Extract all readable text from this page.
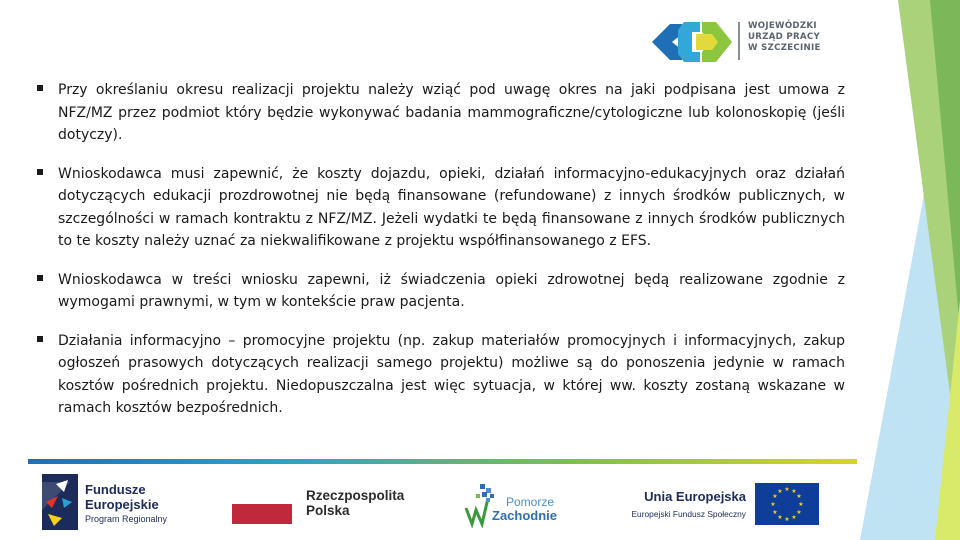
WOJEWÓDZKI
URZĄD PRACY
W SZCZECINIE

Przy określaniu okresu realizacji projektu należy wziąć pod uwagę okres na jaki podpisana jest umowa z NFZ/MZ przez podmiot który będzie wykonywać badania mammograficzne/cytologiczne lub kolonoskopię (jeśli dotyczy).

Wnioskodawca musi zapewnić, że koszty dojazdu, opieki, działań informacyjno-edukacyjnych oraz działań dotyczących edukacji prozdrowotnej nie będą finansowane (refundowane) z innych środków publicznych, w szczególności w ramach kontraktu z NFZ/MZ. Jeżeli wydatki te będą finansowane z innych środków publicznych to te koszty należy uznać za niekwalifikowane z projektu współfinansowanego z EFS.

Wnioskodawca w treści wniosku zapewni, iż świadczenia opieki zdrowotnej będą realizowane zgodnie z wymogami prawnymi, w tym w kontekście praw pacjenta.

Działania informacyjno – promocyjne projektu (np. zakup materiałów promocyjnych i informacyjnych, zakup ogłoszeń prasowych dotyczących realizacji samego projektu) możliwe są do ponoszenia jedynie w ramach kosztów pośrednich projektu. Niedopuszczalna jest więc sytuacja, w której ww. koszty zostaną wskazane w ramach kosztów bezpośrednich.

Fundusze
Europejskie
Program Regionalny
Rzeczpospolita
Polska
Pomorze
Zachodnie
Unia Europejska
Europejski Fundusz Społeczny
★ ★
★
★
★
★
★
★
★
★
★
★
